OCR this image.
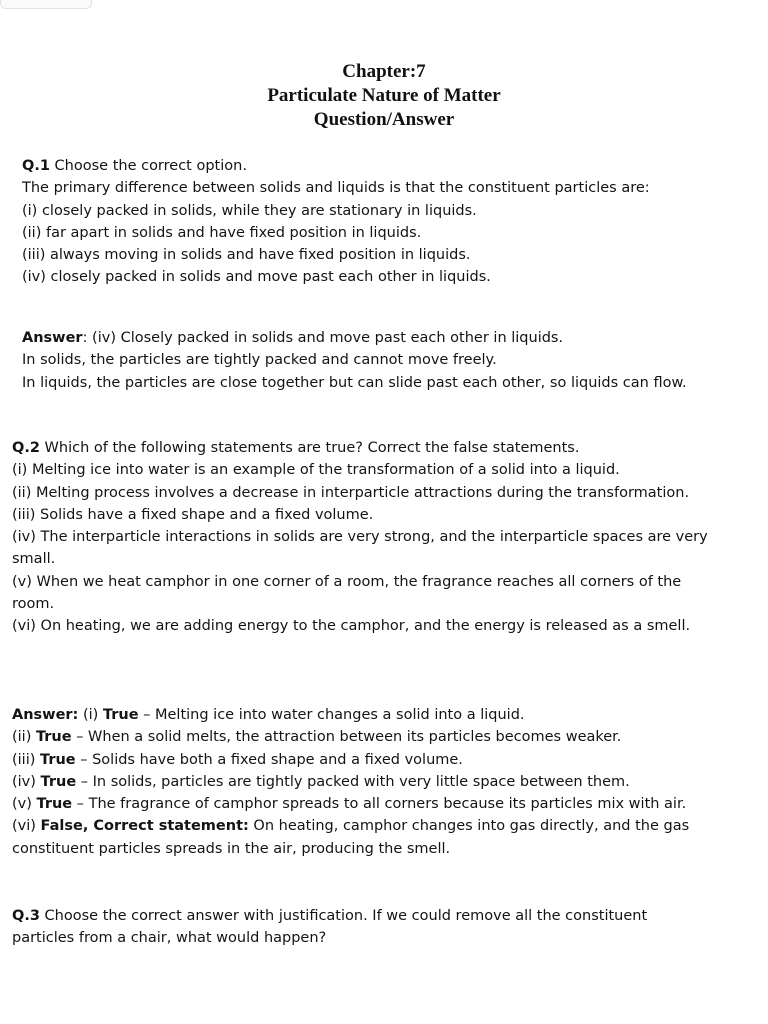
Chapter:7
Particulate Nature of Matter
Question/Answer

Q.1 Choose the correct option.

The primary difference between solids and liquids is that the constituent particles are:

(i) closely packed in solids, while they are stationary in liquids.

(ii) far apart in solids and have fixed position in liquids.

(iii) always moving in solids and have fixed position in liquids.

(iv) closely packed in solids and move past each other in liquids.

Answer: (iv) Closely packed in solids and move past each other in liquids.

In solids, the particles are tightly packed and cannot move freely.

In liquids, the particles are close together but can slide past each other, so liquids can flow.

Q.2 Which of the following statements are true? Correct the false statements.

(i) Melting ice into water is an example of the transformation of a solid into a liquid.

(ii) Melting process involves a decrease in interparticle attractions during the transformation.

(iii) Solids have a fixed shape and a fixed volume.

(iv) The interparticle interactions in solids are very strong, and the interparticle spaces are very small.

(v) When we heat camphor in one corner of a room, the fragrance reaches all corners of the room.

(vi) On heating, we are adding energy to the camphor, and the energy is released as a smell.

Answer: (i) True – Melting ice into water changes a solid into a liquid.

(ii) True – When a solid melts, the attraction between its particles becomes weaker.

(iii) True – Solids have both a fixed shape and a fixed volume.

(iv) True – In solids, particles are tightly packed with very little space between them.

(v) True – The fragrance of camphor spreads to all corners because its particles mix with air.

(vi) False, Correct statement: On heating, camphor changes into gas directly, and the gas constituent particles spreads in the air, producing the smell.

Q.3 Choose the correct answer with justification. If we could remove all the constituent particles from a chair, what would happen?
